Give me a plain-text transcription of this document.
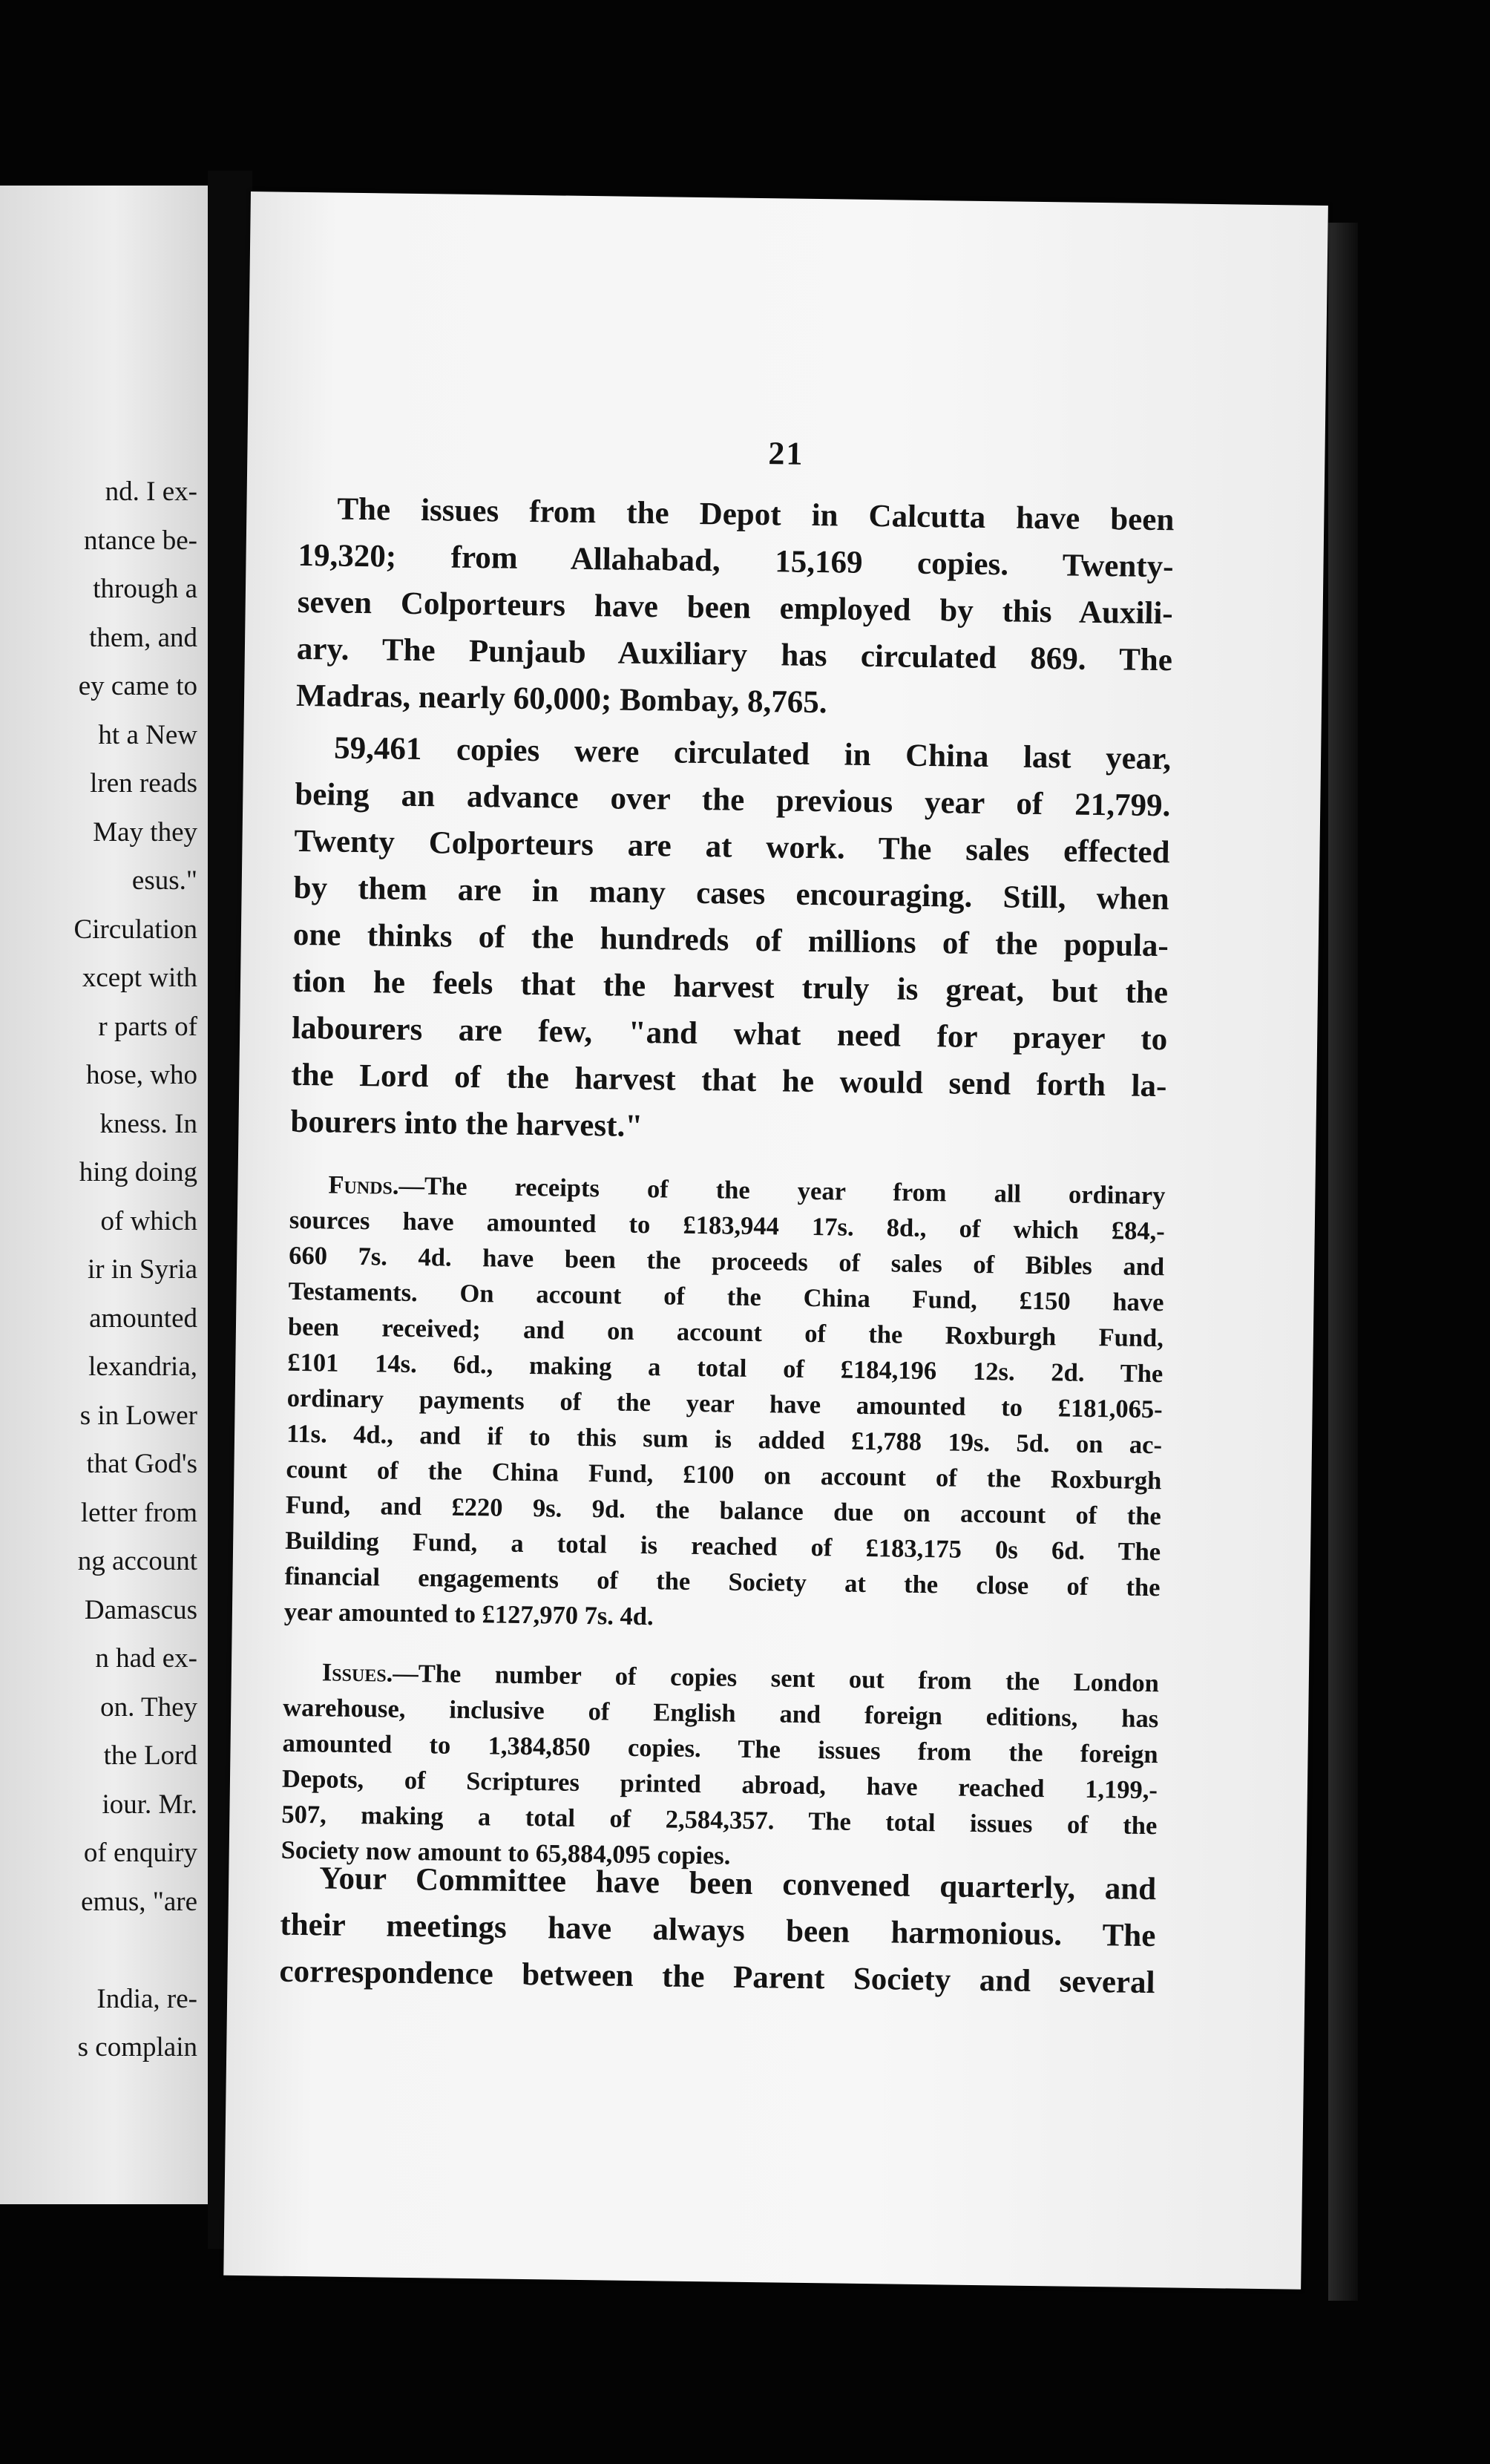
nd. I ex-
ntance be-
through a
them, and
ey came to
ht a New
lren reads
May they
esus."
Circulation
xcept with
r parts of
hose, who
kness. In
hing doing
of which
ir in Syria
amounted
lexandria,
s in Lower
that God's
letter from
ng account
Damascus
n had ex-
on. They
the Lord
iour. Mr.
of enquiry
emus, "are
India, re-
s complain
21
The issues from the Depot in Calcutta have been
19,320; from Allahabad, 15,169 copies. Twenty-
seven Colporteurs have been employed by this Auxili-
ary. The Punjaub Auxiliary has circulated 869. The
Madras, nearly 60,000; Bombay, 8,765.
59,461 copies were circulated in China last year,
being an advance over the previous year of 21,799.
Twenty Colporteurs are at work. The sales effected
by them are in many cases encouraging. Still, when
one thinks of the hundreds of millions of the popula-
tion he feels that the harvest truly is great, but the
labourers are few, "and what need for prayer to
the Lord of the harvest that he would send forth la-
bourers into the harvest."
Funds.—The receipts of the year from all ordinary
sources have amounted to £183,944 17s. 8d., of which £84,-
660 7s. 4d. have been the proceeds of sales of Bibles and
Testaments. On account of the China Fund, £150 have
been received; and on account of the Roxburgh Fund,
£101 14s. 6d., making a total of £184,196 12s. 2d. The
ordinary payments of the year have amounted to £181,065-
11s. 4d., and if to this sum is added £1,788 19s. 5d. on ac-
count of the China Fund, £100 on account of the Roxburgh
Fund, and £220 9s. 9d. the balance due on account of the
Building Fund, a total is reached of £183,175 0s 6d. The
financial engagements of the Society at the close of the
year amounted to £127,970 7s. 4d.
Issues.—The number of copies sent out from the London
warehouse, inclusive of English and foreign editions, has
amounted to 1,384,850 copies. The issues from the foreign
Depots, of Scriptures printed abroad, have reached 1,199,-
507, making a total of 2,584,357. The total issues of the
Society now amount to 65,884,095 copies.
Your Committee have been convened quarterly, and
their meetings have always been harmonious. The
correspondence between the Parent Society and several
